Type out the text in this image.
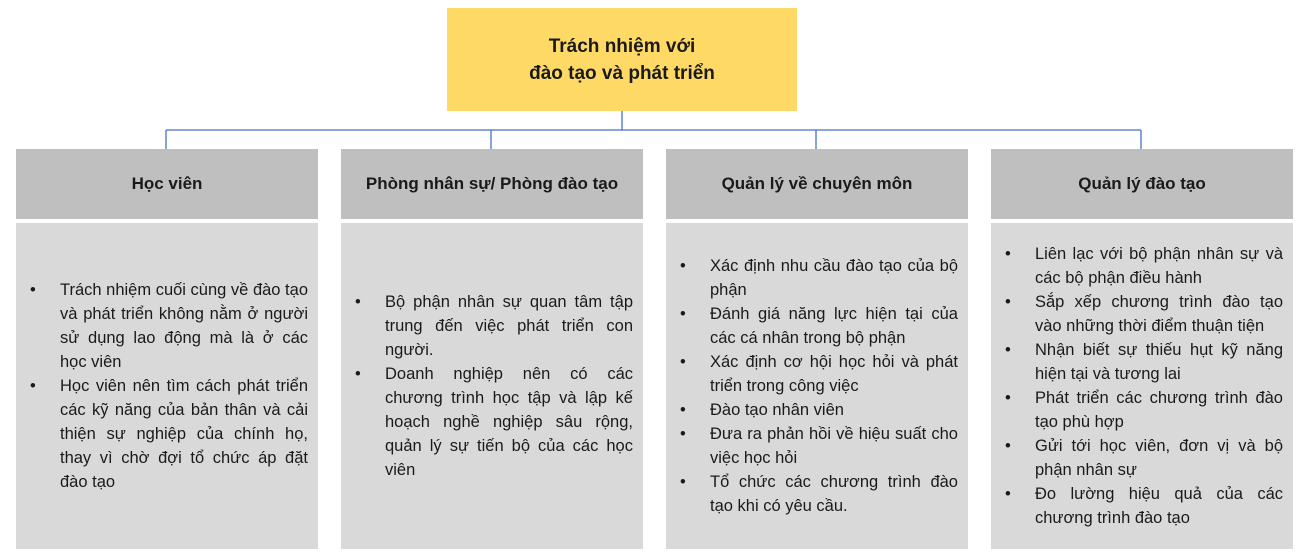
Trách nhiệm với
đào tạo và phát triển
Học viên
• Trách nhiệm cuối cùng về đào tạo và phát triển không nằm ở người sử dụng lao động mà là ở các học viên
• Học viên nên tìm cách phát triển các kỹ năng của bản thân và cải thiện sự nghiệp của chính họ, thay vì chờ đợi tổ chức áp đặt đào tạo
Phòng nhân sự/ Phòng đào tạo
• Bộ phận nhân sự quan tâm tập trung đến việc phát triển con người.
• Doanh nghiệp nên có các chương trình học tập và lập kế hoạch nghề nghiệp sâu rộng, quản lý sự tiến bộ của các học viên
Quản lý về chuyên môn
• Xác định nhu cầu đào tạo của bộ phận
• Đánh giá năng lực hiện tại của các cá nhân trong bộ phận
• Xác định cơ hội học hỏi và phát triển trong công việc
• Đào tạo nhân viên
• Đưa ra phản hồi về hiệu suất cho việc học hỏi
• Tổ chức các chương trình đào tạo khi có yêu cầu.
Quản lý đào tạo
• Liên lạc với bộ phận nhân sự và các bộ phận điều hành
• Sắp xếp chương trình đào tạo vào những thời điểm thuận tiện
• Nhận biết sự thiếu hụt kỹ năng hiện tại và tương lai
• Phát triển các chương trình đào tạo phù hợp
• Gửi tới học viên, đơn vị và bộ phận nhân sự
• Đo lường hiệu quả của các chương trình đào tạo
